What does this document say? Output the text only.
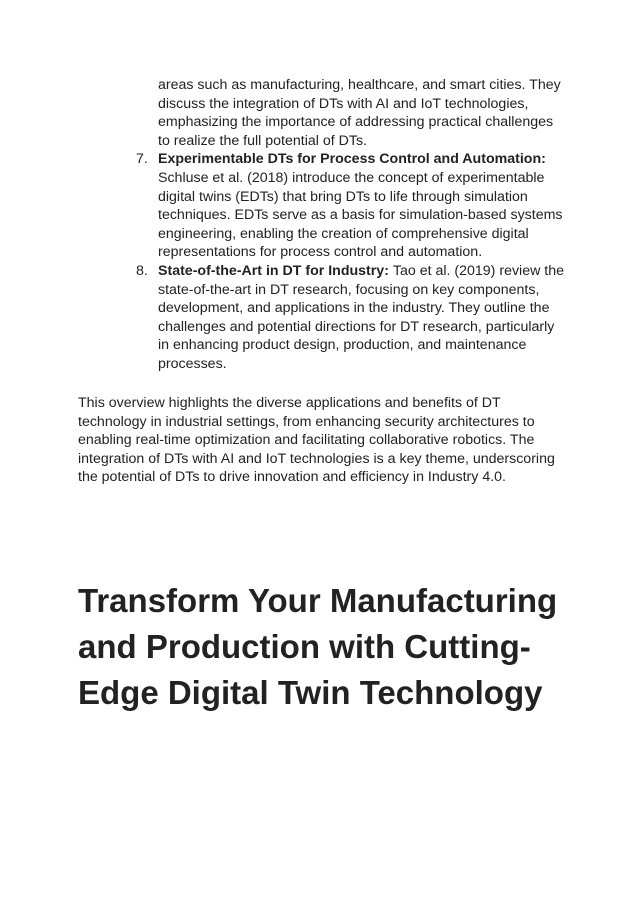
areas such as manufacturing, healthcare, and smart cities. They discuss the integration of DTs with AI and IoT technologies, emphasizing the importance of addressing practical challenges to realize the full potential of DTs.
7. Experimentable DTs for Process Control and Automation: Schluse et al. (2018) introduce the concept of experimentable digital twins (EDTs) that bring DTs to life through simulation techniques. EDTs serve as a basis for simulation-based systems engineering, enabling the creation of comprehensive digital representations for process control and automation.
8. State-of-the-Art in DT for Industry: Tao et al. (2019) review the state-of-the-art in DT research, focusing on key components, development, and applications in the industry. They outline the challenges and potential directions for DT research, particularly in enhancing product design, production, and maintenance processes.

This overview highlights the diverse applications and benefits of DT technology in industrial settings, from enhancing security architectures to enabling real-time optimization and facilitating collaborative robotics. The integration of DTs with AI and IoT technologies is a key theme, underscoring the potential of DTs to drive innovation and efficiency in Industry 4.0.

Transform Your Manufacturing and Production with Cutting-Edge Digital Twin Technology
